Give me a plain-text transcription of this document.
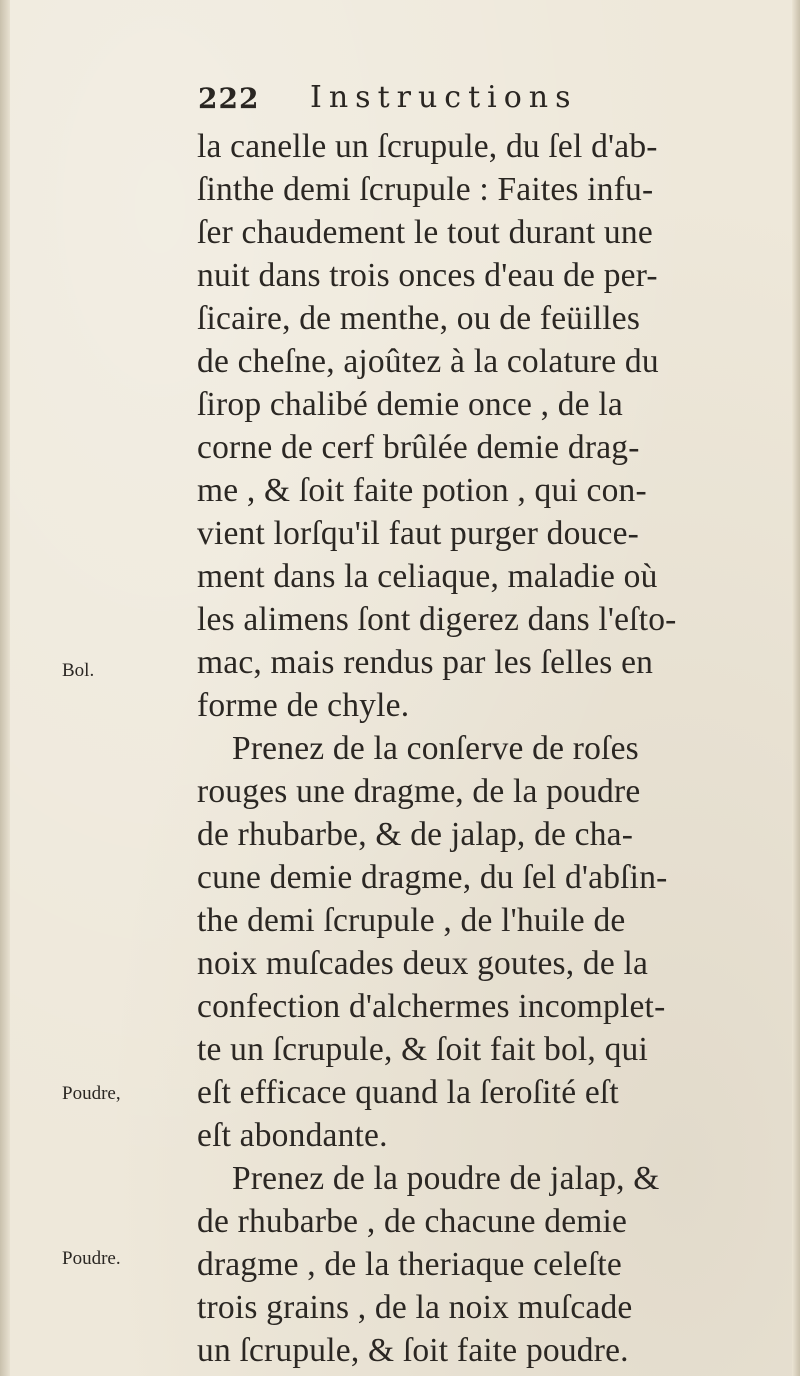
222 Instructions
Bol.
Poudre,
Poudre.
la canelle un ſcrupule, du ſel d'ab-
ſinthe demi ſcrupule : Faites infu-
ſer chaudement le tout durant une
nuit dans trois onces d'eau de per-
ſicaire, de menthe, ou de feüilles
de cheſne, ajoûtez à la colature du
ſirop chalibé demie once , de la
corne de cerf brûlée demie drag-
me , & ſoit faite potion , qui con-
vient lorſqu'il faut purger douce-
ment dans la celiaque, maladie où
les alimens ſont digerez dans l'eſto-
mac, mais rendus par les ſelles en
forme de chyle.
Prenez de la conſerve de roſes
rouges une dragme, de la poudre
de rhubarbe, & de jalap, de cha-
cune demie dragme, du ſel d'abſin-
the demi ſcrupule , de l'huile de
noix muſcades deux goutes, de la
confection d'alchermes incomplet-
te un ſcrupule, & ſoit fait bol, qui
eſt efficace quand la ſeroſité eſt
eſt abondante.
Prenez de la poudre de jalap, &
de rhubarbe , de chacune demie
dragme , de la theriaque celeſte
trois grains , de la noix muſcade
un ſcrupule, & ſoit faite poudre.
